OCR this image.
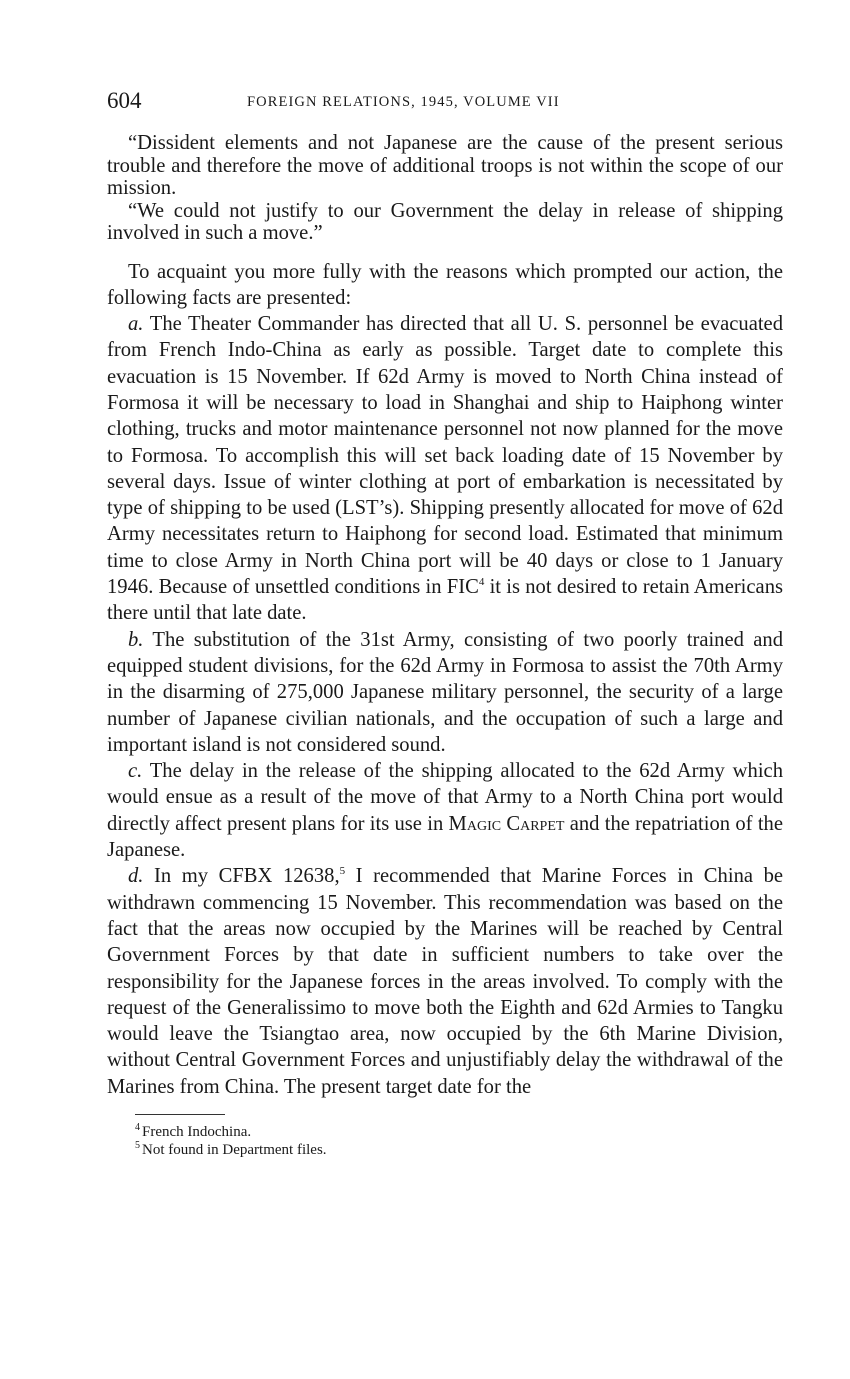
604	FOREIGN RELATIONS, 1945, VOLUME VII

“Dissident elements and not Japanese are the cause of the present serious trouble and therefore the move of additional troops is not within the scope of our mission.

“We could not justify to our Government the delay in release of shipping involved in such a move.”

To acquaint you more fully with the reasons which prompted our action, the following facts are presented:

a. The Theater Commander has directed that all U. S. personnel be evacuated from French Indo-China as early as possible. Target date to complete this evacuation is 15 November. If 62d Army is moved to North China instead of Formosa it will be necessary to load in Shanghai and ship to Haiphong winter clothing, trucks and motor maintenance personnel not now planned for the move to Formosa. To accomplish this will set back loading date of 15 November by several days. Issue of winter clothing at port of embarkation is necessitated by type of shipping to be used (LST’s). Shipping presently allocated for move of 62d Army necessitates return to Haiphong for second load. Estimated that minimum time to close Army in North China port will be 40 days or close to 1 January 1946. Because of unsettled conditions in FIC$^4$ it is not desired to retain Americans there until that late date.

b. The substitution of the 31st Army, consisting of two poorly trained and equipped student divisions, for the 62d Army in Formosa to assist the 70th Army in the disarming of 275,000 Japanese military personnel, the security of a large number of Japanese civilian nationals, and the occupation of such a large and important island is not considered sound.

c. The delay in the release of the shipping allocated to the 62d Army which would ensue as a result of the move of that Army to a North China port would directly affect present plans for its use in Magic Carpet and the repatriation of the Japanese.

d. In my CFBX 12638,$^5$ I recommended that Marine Forces in China be withdrawn commencing 15 November. This recommendation was based on the fact that the areas now occupied by the Marines will be reached by Central Government Forces by that date in sufficient numbers to take over the responsibility for the Japanese forces in the areas involved. To comply with the request of the Generalissimo to move both the Eighth and 62d Armies to Tangku would leave the Tsiangtao area, now occupied by the 6th Marine Division, without Central Government Forces and unjustifiably delay the withdrawal of the Marines from China. The present target date for the

$^4$ French Indochina.
$^5$ Not found in Department files.
